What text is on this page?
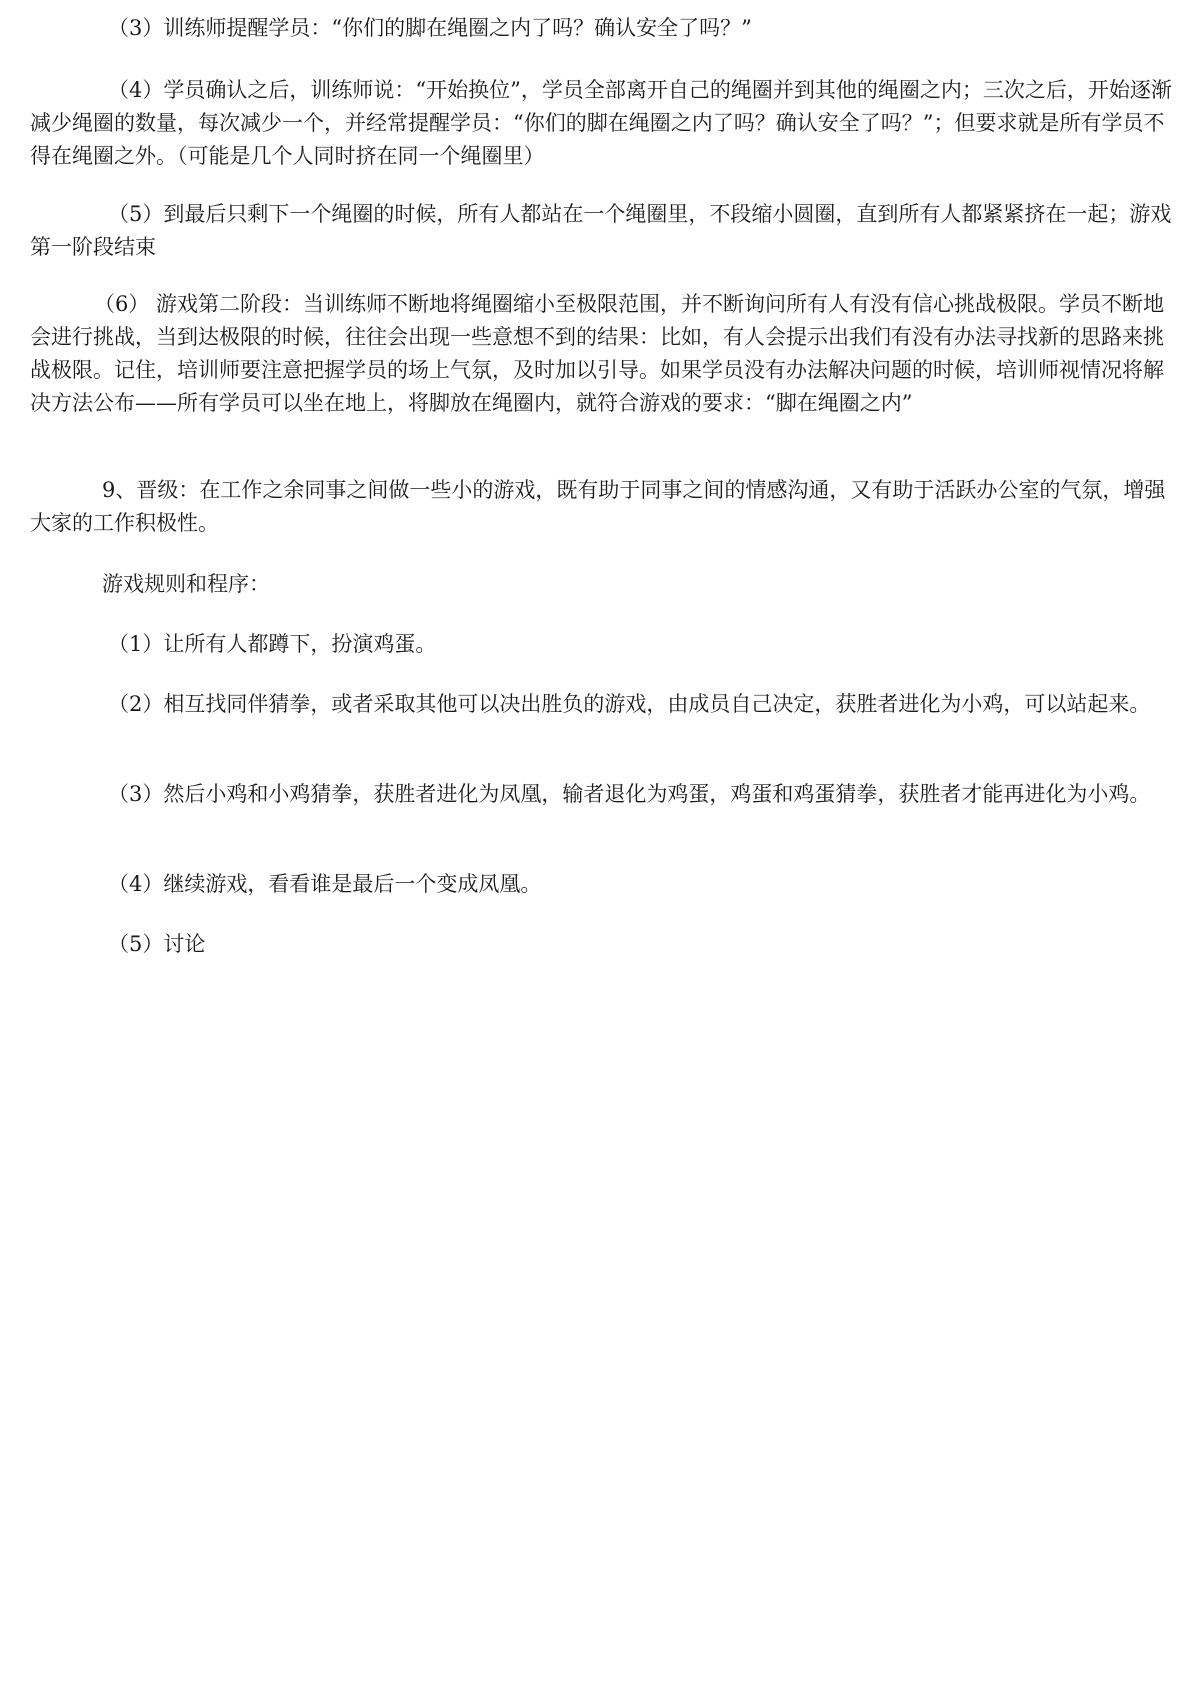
（3）训练师提醒学员：“你们的脚在绳圈之内了吗？确认安全了吗？”

（4）学员确认之后，训练师说：“开始换位”，学员全部离开自己的绳圈并到其他的绳圈之内；三次之后，开始逐渐减少绳圈的数量，每次减少一个，并经常提醒学员：“你们的脚在绳圈之内了吗？确认安全了吗？”；但要求就是所有学员不得在绳圈之外。（可能是几个人同时挤在同一个绳圈里）

（5）到最后只剩下一个绳圈的时候，所有人都站在一个绳圈里，不段缩小圆圈，直到所有人都紧紧挤在一起；游戏第一阶段结束

（6） 游戏第二阶段：当训练师不断地将绳圈缩小至极限范围，并不断询问所有人有没有信心挑战极限。学员不断地会进行挑战，当到达极限的时候，往往会出现一些意想不到的结果：比如，有人会提示出我们有没有办法寻找新的思路来挑战极限。记住，培训师要注意把握学员的场上气氛，及时加以引导。如果学员没有办法解决问题的时候，培训师视情况将解决方法公布——所有学员可以坐在地上，将脚放在绳圈内，就符合游戏的要求：“脚在绳圈之内”

9、晋级：在工作之余同事之间做一些小的游戏，既有助于同事之间的情感沟通，又有助于活跃办公室的气氛，增强大家的工作积极性。

游戏规则和程序：

（1）让所有人都蹲下，扮演鸡蛋。

（2）相互找同伴猜拳，或者采取其他可以决出胜负的游戏，由成员自己决定，获胜者进化为小鸡，可以站起来。

（3）然后小鸡和小鸡猜拳，获胜者进化为凤凰，输者退化为鸡蛋，鸡蛋和鸡蛋猜拳，获胜者才能再进化为小鸡。

（4）继续游戏，看看谁是最后一个变成凤凰。

（5）讨论
